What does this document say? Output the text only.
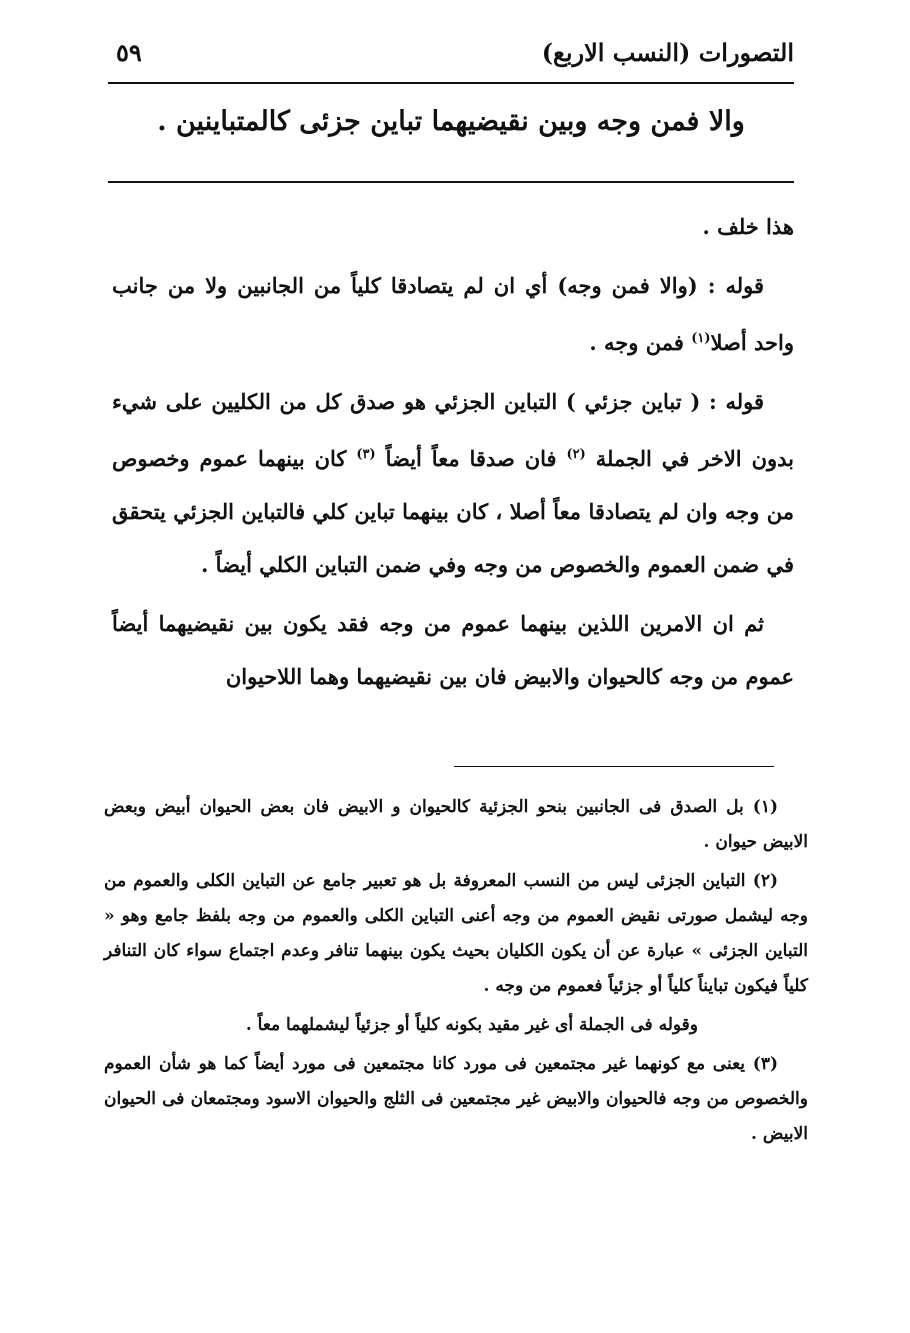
التصورات (النسب الاربع)
٥٩
والا فمن وجه وبين نقيضيهما تباين جزئى كالمتباينين .

هذا خلف .

قوله : (والا فمن وجه) أي ان لم يتصادقا كلياً من الجانبين ولا من جانب واحد أصلا$^{(١)}$ فمن وجه .

قوله : ( تباين جزئي ) التباين الجزئي هو صدق كل من الكليين على شيء بدون الاخر في الجملة $^{(٢)}$ فان صدقا معاً أيضاً $^{(٣)}$ كان بينهما عموم وخصوص من وجه وان لم يتصادقا معاً أصلا ، كان بينهما تباين كلي فالتباين الجزئي يتحقق في ضمن العموم والخصوص من وجه وفي ضمن التباين الكلي أيضاً .

ثم ان الامرين اللذين بينهما عموم من وجه فقد يكون بين نقيضيهما أيضاً عموم من وجه كالحيوان والابيض فان بين نقيضيهما وهما اللاحيوان

(١) بل الصدق فى الجانبين بنحو الجزئية كالحيوان و الابيض فان بعض الحيوان أبيض وبعض الابيض حيوان .

(٢) التباين الجزئى ليس من النسب المعروفة بل هو تعبير جامع عن التباين الكلى والعموم من وجه ليشمل صورتى نقيض العموم من وجه أعنى التباين الكلى والعموم من وجه بلفظ جامع وهو « التباين الجزئى » عبارة عن أن يكون الكليان بحيث يكون بينهما تنافر وعدم اجتماع سواء كان التنافر كلياً فيكون تبايناً كلياً أو جزئياً فعموم من وجه .

وقوله فى الجملة أى غير مقيد بكونه كلياً أو جزئياً ليشملهما معاً .

(٣) يعنى مع كونهما غير مجتمعين فى مورد كانا مجتمعين فى مورد أيضاً كما هو شأن العموم والخصوص من وجه فالحيوان والابيض غير مجتمعين فى الثلج والحيوان الاسود ومجتمعان فى الحيوان الابيض .
